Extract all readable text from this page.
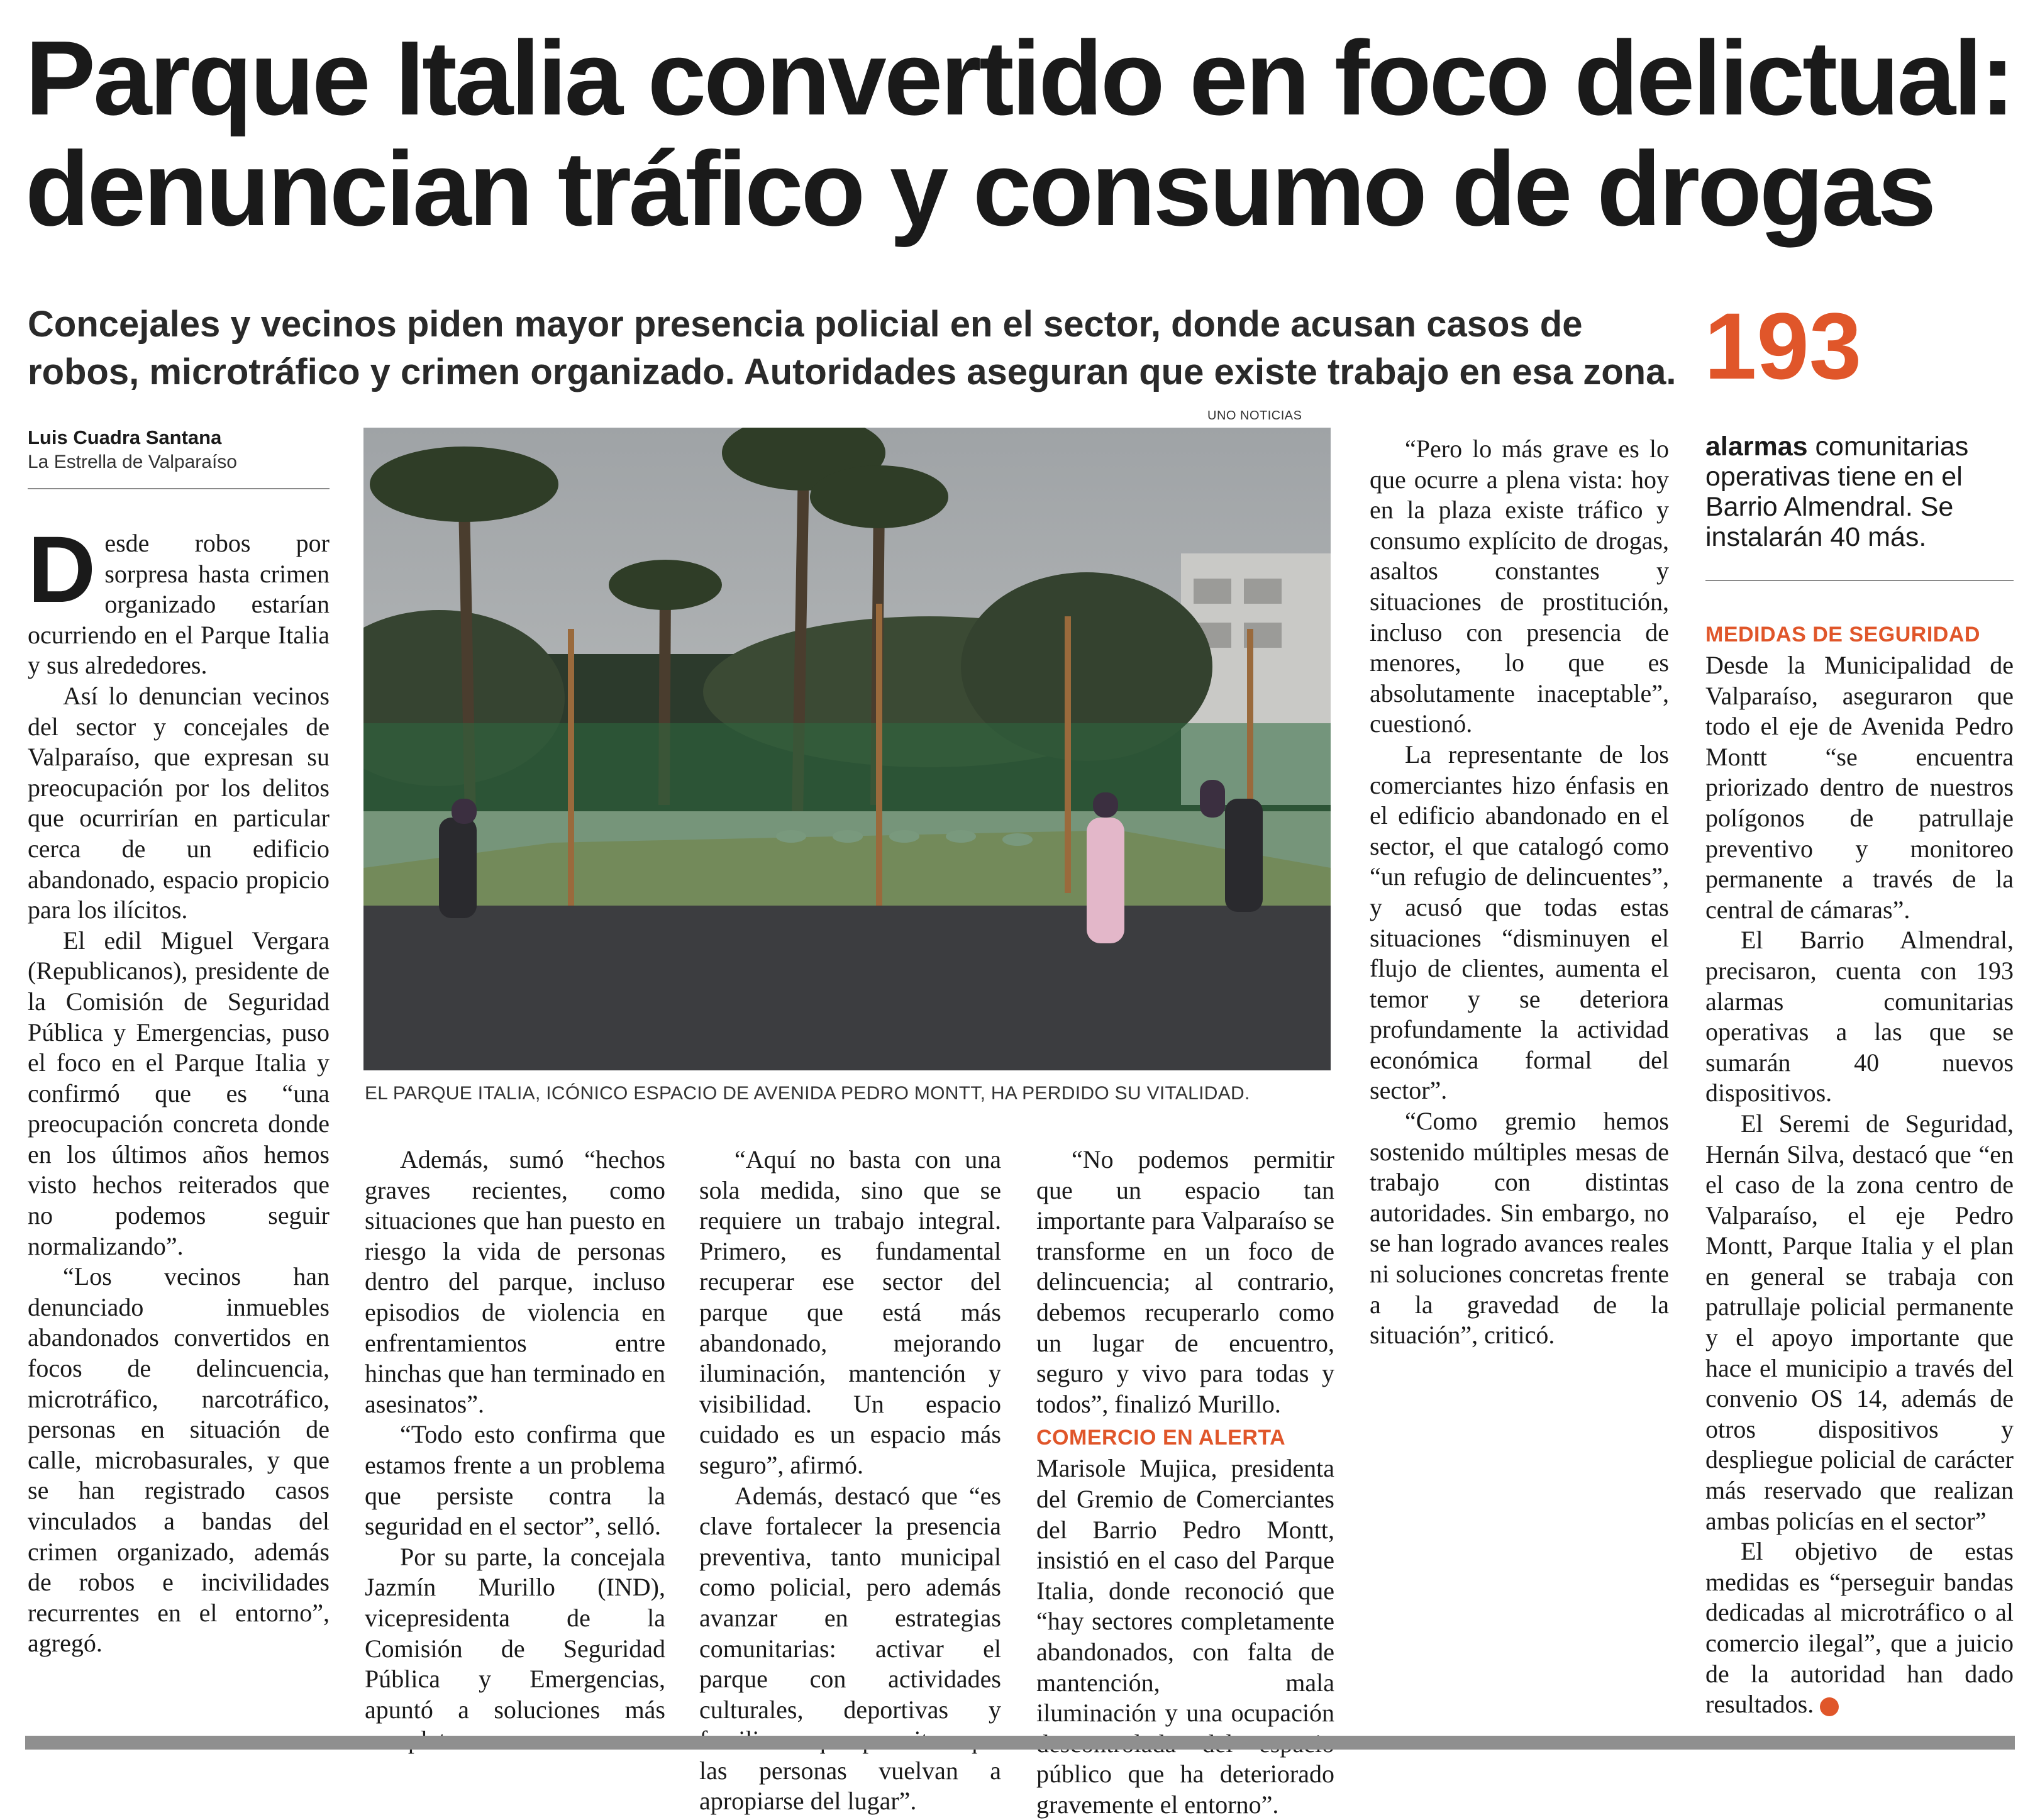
Parque Italia convertido en foco delictual: denuncian tráfico y consumo de drogas
Concejales y vecinos piden mayor presencia policial en el sector, donde acusan casos de robos, microtráfico y crimen organizado. Autoridades aseguran que existe trabajo en esa zona. 193
alarmas comunitarias operativas tiene en el Barrio Almendral. Se instalarán 40 más.
Luis Cuadra Santana
La Estrella de Valparaíso
UNO NOTICIAS
EL PARQUE ITALIA, ICÓNICO ESPACIO DE AVENIDA PEDRO MONTT, HA PERDIDO SU VITALIDAD.

Desde robos por sorpresa hasta crimen organizado estarían ocurriendo en el Parque Italia y sus alrededores.

Así lo denuncian vecinos del sector y concejales de Valparaíso, que expresan su preocupación por los delitos que ocurrirían en particular cerca de un edificio abandonado, espacio propicio para los ilícitos.

El edil Miguel Vergara (Republicanos), presidente de la Comisión de Seguridad Pública y Emergencias, puso el foco en el Parque Italia y confirmó que es “una preocupación concreta donde en los últimos años hemos visto hechos reiterados que no podemos seguir normalizando”.

“Los vecinos han denunciado inmuebles abandonados convertidos en focos de delincuencia, microtráfico, narcotráfico, personas en situación de calle, microbasurales, y que se han registrado casos vinculados a bandas del crimen organizado, además de robos e incivilidades recurrentes en el entorno”, agregó.

Además, sumó “hechos graves recientes, como situaciones que han puesto en riesgo la vida de personas dentro del parque, incluso episodios de violencia en enfrentamientos entre hinchas que han terminado en asesinatos”.

“Todo esto confirma que estamos frente a un problema que persiste contra la seguridad en el sector”, selló.

Por su parte, la concejala Jazmín Murillo (IND), vicepresidenta de la Comisión de Seguridad Pública y Emergencias, apuntó a soluciones más

“Aquí no basta con una sola medida, sino que se requiere un trabajo integral. Primero, es fundamental recuperar ese sector del parque que está más abandonado, mejorando iluminación, mantención y visibilidad. Un espacio cuidado es un espacio más seguro”, afirmó.

Además, destacó que “es clave fortalecer la presencia preventiva, tanto municipal como policial, pero además avanzar en estrategias comunitarias: activar el parque con actividades culturales, deportivas y las personas vuelvan a apropiarse del lugar”.

“No podemos permitir que un espacio tan importante para Valparaíso se transforme en un foco de delincuencia; al contrario, debemos recuperarlo como un lugar de encuentro, seguro y vivo para todas y todos”, finalizó Murillo.

COMERCIO EN ALERTA

Marisole Mujica, presidenta del Gremio de Comerciantes del Barrio Pedro Montt, insistió en el caso del Parque Italia, donde reconoció que “hay sectores completamente abandonados, con falta de mantención, mala iluminación y una ocupación público que ha deteriorado gravemente el entorno”.

“Pero lo más grave es lo que ocurre a plena vista: hoy en la plaza existe tráfico y consumo explícito de drogas, asaltos constantes y situaciones de prostitución, incluso con presencia de menores, lo que es absolutamente inaceptable”, cuestionó.

La representante de los comerciantes hizo énfasis en el edificio abandonado en el sector, el que catalogó como “un refugio de delincuentes”, y acusó que todas estas situaciones “disminuyen el flujo de clientes, aumenta el temor y se deteriora profundamente la actividad económica formal del sector”.

“Como gremio hemos sostenido múltiples mesas de trabajo con distintas autoridades. Sin embargo, no se han logrado avances reales ni soluciones concretas frente a la gravedad de la situación”, criticó.

MEDIDAS DE SEGURIDAD

Desde la Municipalidad de Valparaíso, aseguraron que todo el eje de Avenida Pedro Montt “se encuentra priorizado dentro de nuestros polígonos de patrullaje preventivo y monitoreo permanente a través de la central de cámaras”.

El Barrio Almendral, precisaron, cuenta con 193 alarmas comunitarias operativas a las que se sumarán 40 nuevos dispositivos.

El Seremi de Seguridad, Hernán Silva, destacó que “en el caso de la zona centro de Valparaíso, el eje Pedro Montt, Parque Italia y el plan en general se trabaja con patrullaje policial permanente y el apoyo importante que hace el municipio a través del convenio OS 14, además de otros dispositivos y despliegue policial de carácter más reservado que realizan ambas policías en el sector”

El objetivo de estas medidas es “perseguir bandas dedicadas al microtráfico o al comercio ilegal”, que a juicio de la autoridad han dado resultados.	✪
